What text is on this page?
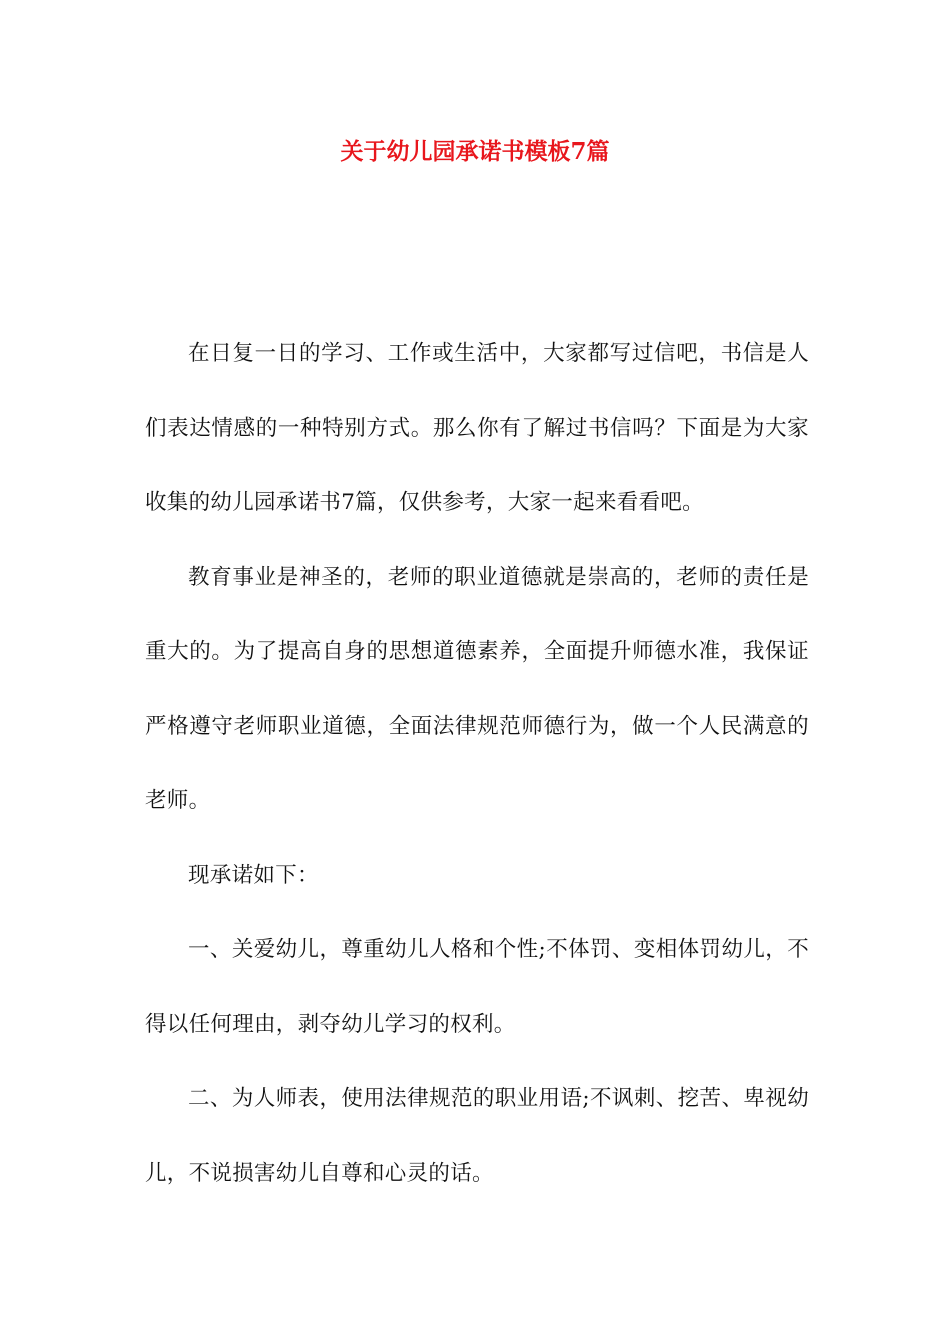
关于幼儿园承诺书模板7篇

在日复一日的学习、工作或生活中，大家都写过信吧，书信是人们表达情感的一种特别方式。那么你有了解过书信吗？下面是为大家收集的幼儿园承诺书7篇，仅供参考，大家一起来看看吧。

教育事业是神圣的，老师的职业道德就是崇高的，老师的责任是重大的。为了提高自身的思想道德素养，全面提升师德水准，我保证严格遵守老师职业道德，全面法律规范师德行为，做一个人民满意的老师。

现承诺如下：

一、关爱幼儿，尊重幼儿人格和个性;不体罚、变相体罚幼儿，不得以任何理由，剥夺幼儿学习的权利。

二、为人师表，使用法律规范的职业用语;不讽刺、挖苦、卑视幼儿，不说损害幼儿自尊和心灵的话。
